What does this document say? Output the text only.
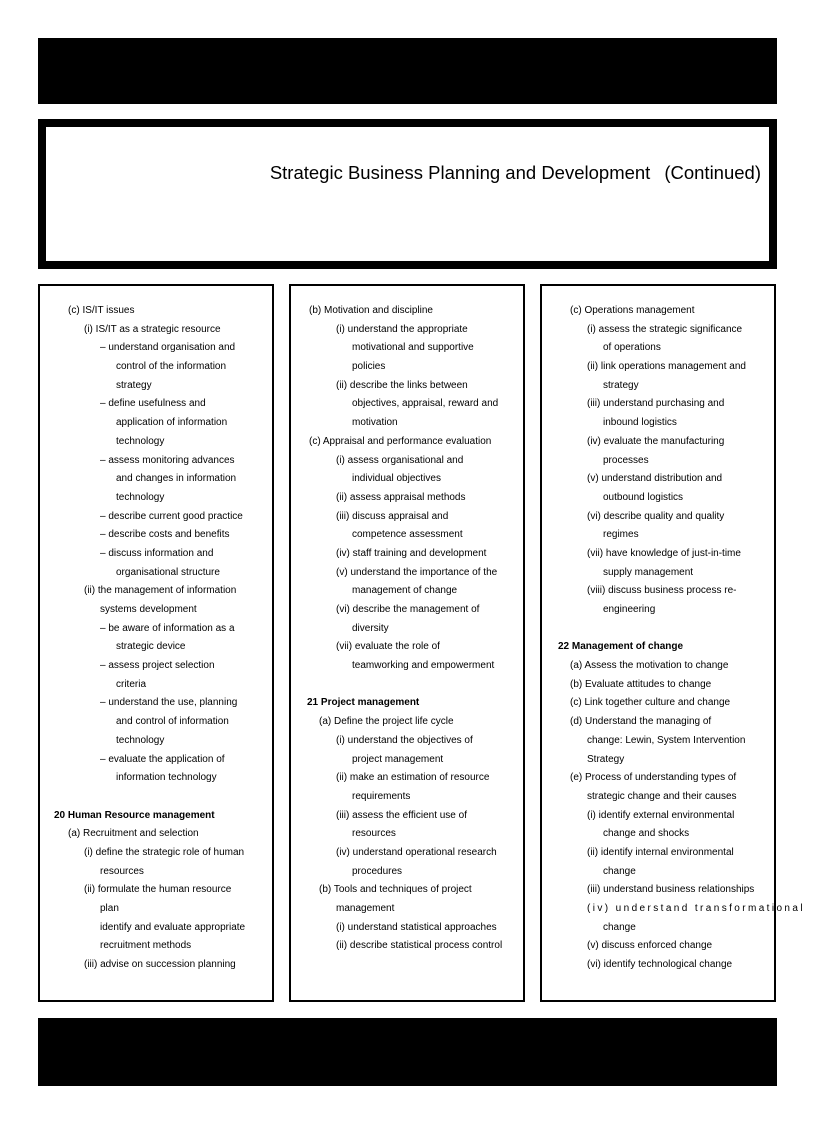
Strategic Business Planning and Development (Continued)
(c) IS/IT issues
(i) IS/IT as a strategic resource
– understand organisation and
control of the information
strategy
– define usefulness and
application of information
technology
– assess monitoring advances
and changes in information
technology
– describe current good practice
– describe costs and benefits
– discuss information and
organisational structure
(ii) the management of information
systems development
– be aware of information as a
strategic device
– assess project selection
criteria
– understand the use, planning
and control of information
technology
– evaluate the application of
information technology
20 Human Resource management
(a) Recruitment and selection
(i) define the strategic role of human
resources
(ii) formulate the human resource
plan
identify and evaluate appropriate
recruitment methods
(iii) advise on succession planning
(b) Motivation and discipline
(i) understand the appropriate
motivational and supportive
policies
(ii) describe the links between
objectives, appraisal, reward and
motivation
(c) Appraisal and performance evaluation
(i) assess organisational and
individual objectives
(ii) assess appraisal methods
(iii) discuss appraisal and
competence assessment
(iv) staff training and development
(v) understand the importance of the
management of change
(vi) describe the management of
diversity
(vii) evaluate the role of
teamworking and empowerment
21 Project management
(a) Define the project life cycle
(i) understand the objectives of
project management
(ii) make an estimation of resource
requirements
(iii) assess the efficient use of
resources
(iv) understand operational research
procedures
(b) Tools and techniques of project
management
(i) understand statistical approaches
(ii) describe statistical process control
(c) Operations management
(i) assess the strategic significance
of operations
(ii) link operations management and
strategy
(iii) understand purchasing and
inbound logistics
(iv) evaluate the manufacturing
processes
(v) understand distribution and
outbound logistics
(vi) describe quality and quality
regimes
(vii) have knowledge of just-in-time
supply management
(viii) discuss business process re-
engineering
22 Management of change
(a) Assess the motivation to change
(b) Evaluate attitudes to change
(c) Link together culture and change
(d) Understand the managing of
change: Lewin, System Intervention
Strategy
(e) Process of understanding types of
strategic change and their causes
(i) identify external environmental
change and shocks
(ii) identify internal environmental
change
(iii) understand business relationships
(iv) understand transformational
change
(v) discuss enforced change
(vi) identify technological change
